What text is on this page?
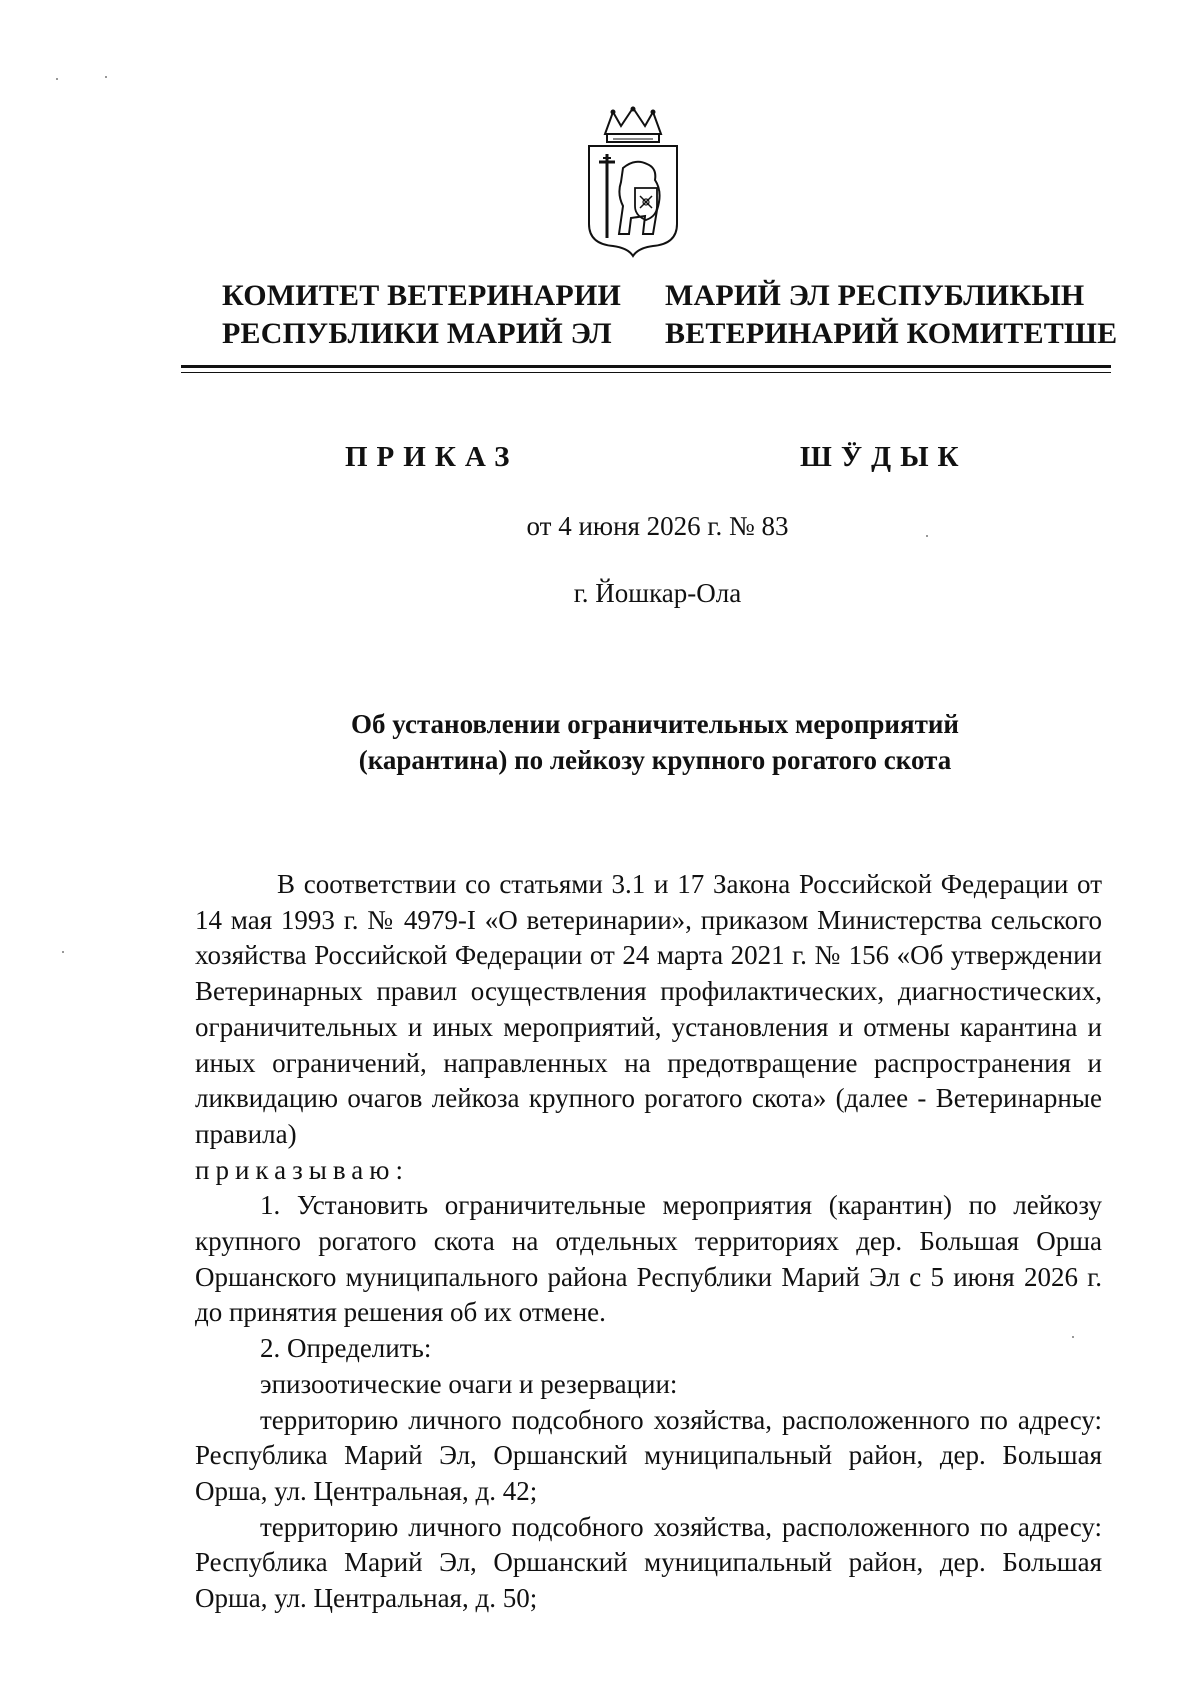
КОМИТЕТ ВЕТЕРИНАРИИ
РЕСПУБЛИКИ МАРИЙ ЭЛ
МАРИЙ ЭЛ РЕСПУБЛИКЫН
ВЕТЕРИНАРИЙ КОМИТЕТШЕ
ПРИКАЗ	ШӰДЫК
от 4 июня 2026 г. № 83
г. Йошкар-Ола
Об установлении ограничительных мероприятий
(карантина) по лейкозу крупного рогатого скота

В соответствии со статьями 3.1 и 17 Закона Российской Федерации от 14 мая 1993 г. № 4979-I «О ветеринарии», приказом Министерства сельского хозяйства Российской Федерации от 24 марта 2021 г. № 156 «Об утверждении Ветеринарных правил осуществления профилактических, диагностических, ограничительных и иных мероприятий, установления и отмены карантина и иных ограничений, направленных на предотвращение распространения и ликвидацию очагов лейкоза крупного рогатого скота» (далее - Ветеринарные правила)

приказываю:

1. Установить ограничительные мероприятия (карантин) по лейкозу крупного рогатого скота на отдельных территориях дер. Большая Орша Оршанского муниципального района Республики Марий Эл с 5 июня 2026 г. до принятия решения об их отмене.

2. Определить:

эпизоотические очаги и резервации:

территорию личного подсобного хозяйства, расположенного по адресу: Республика Марий Эл, Оршанский муниципальный район, дер. Большая Орша, ул. Центральная, д. 42;

территорию личного подсобного хозяйства, расположенного по адресу: Республика Марий Эл, Оршанский муниципальный район, дер. Большая Орша, ул. Центральная, д. 50;
